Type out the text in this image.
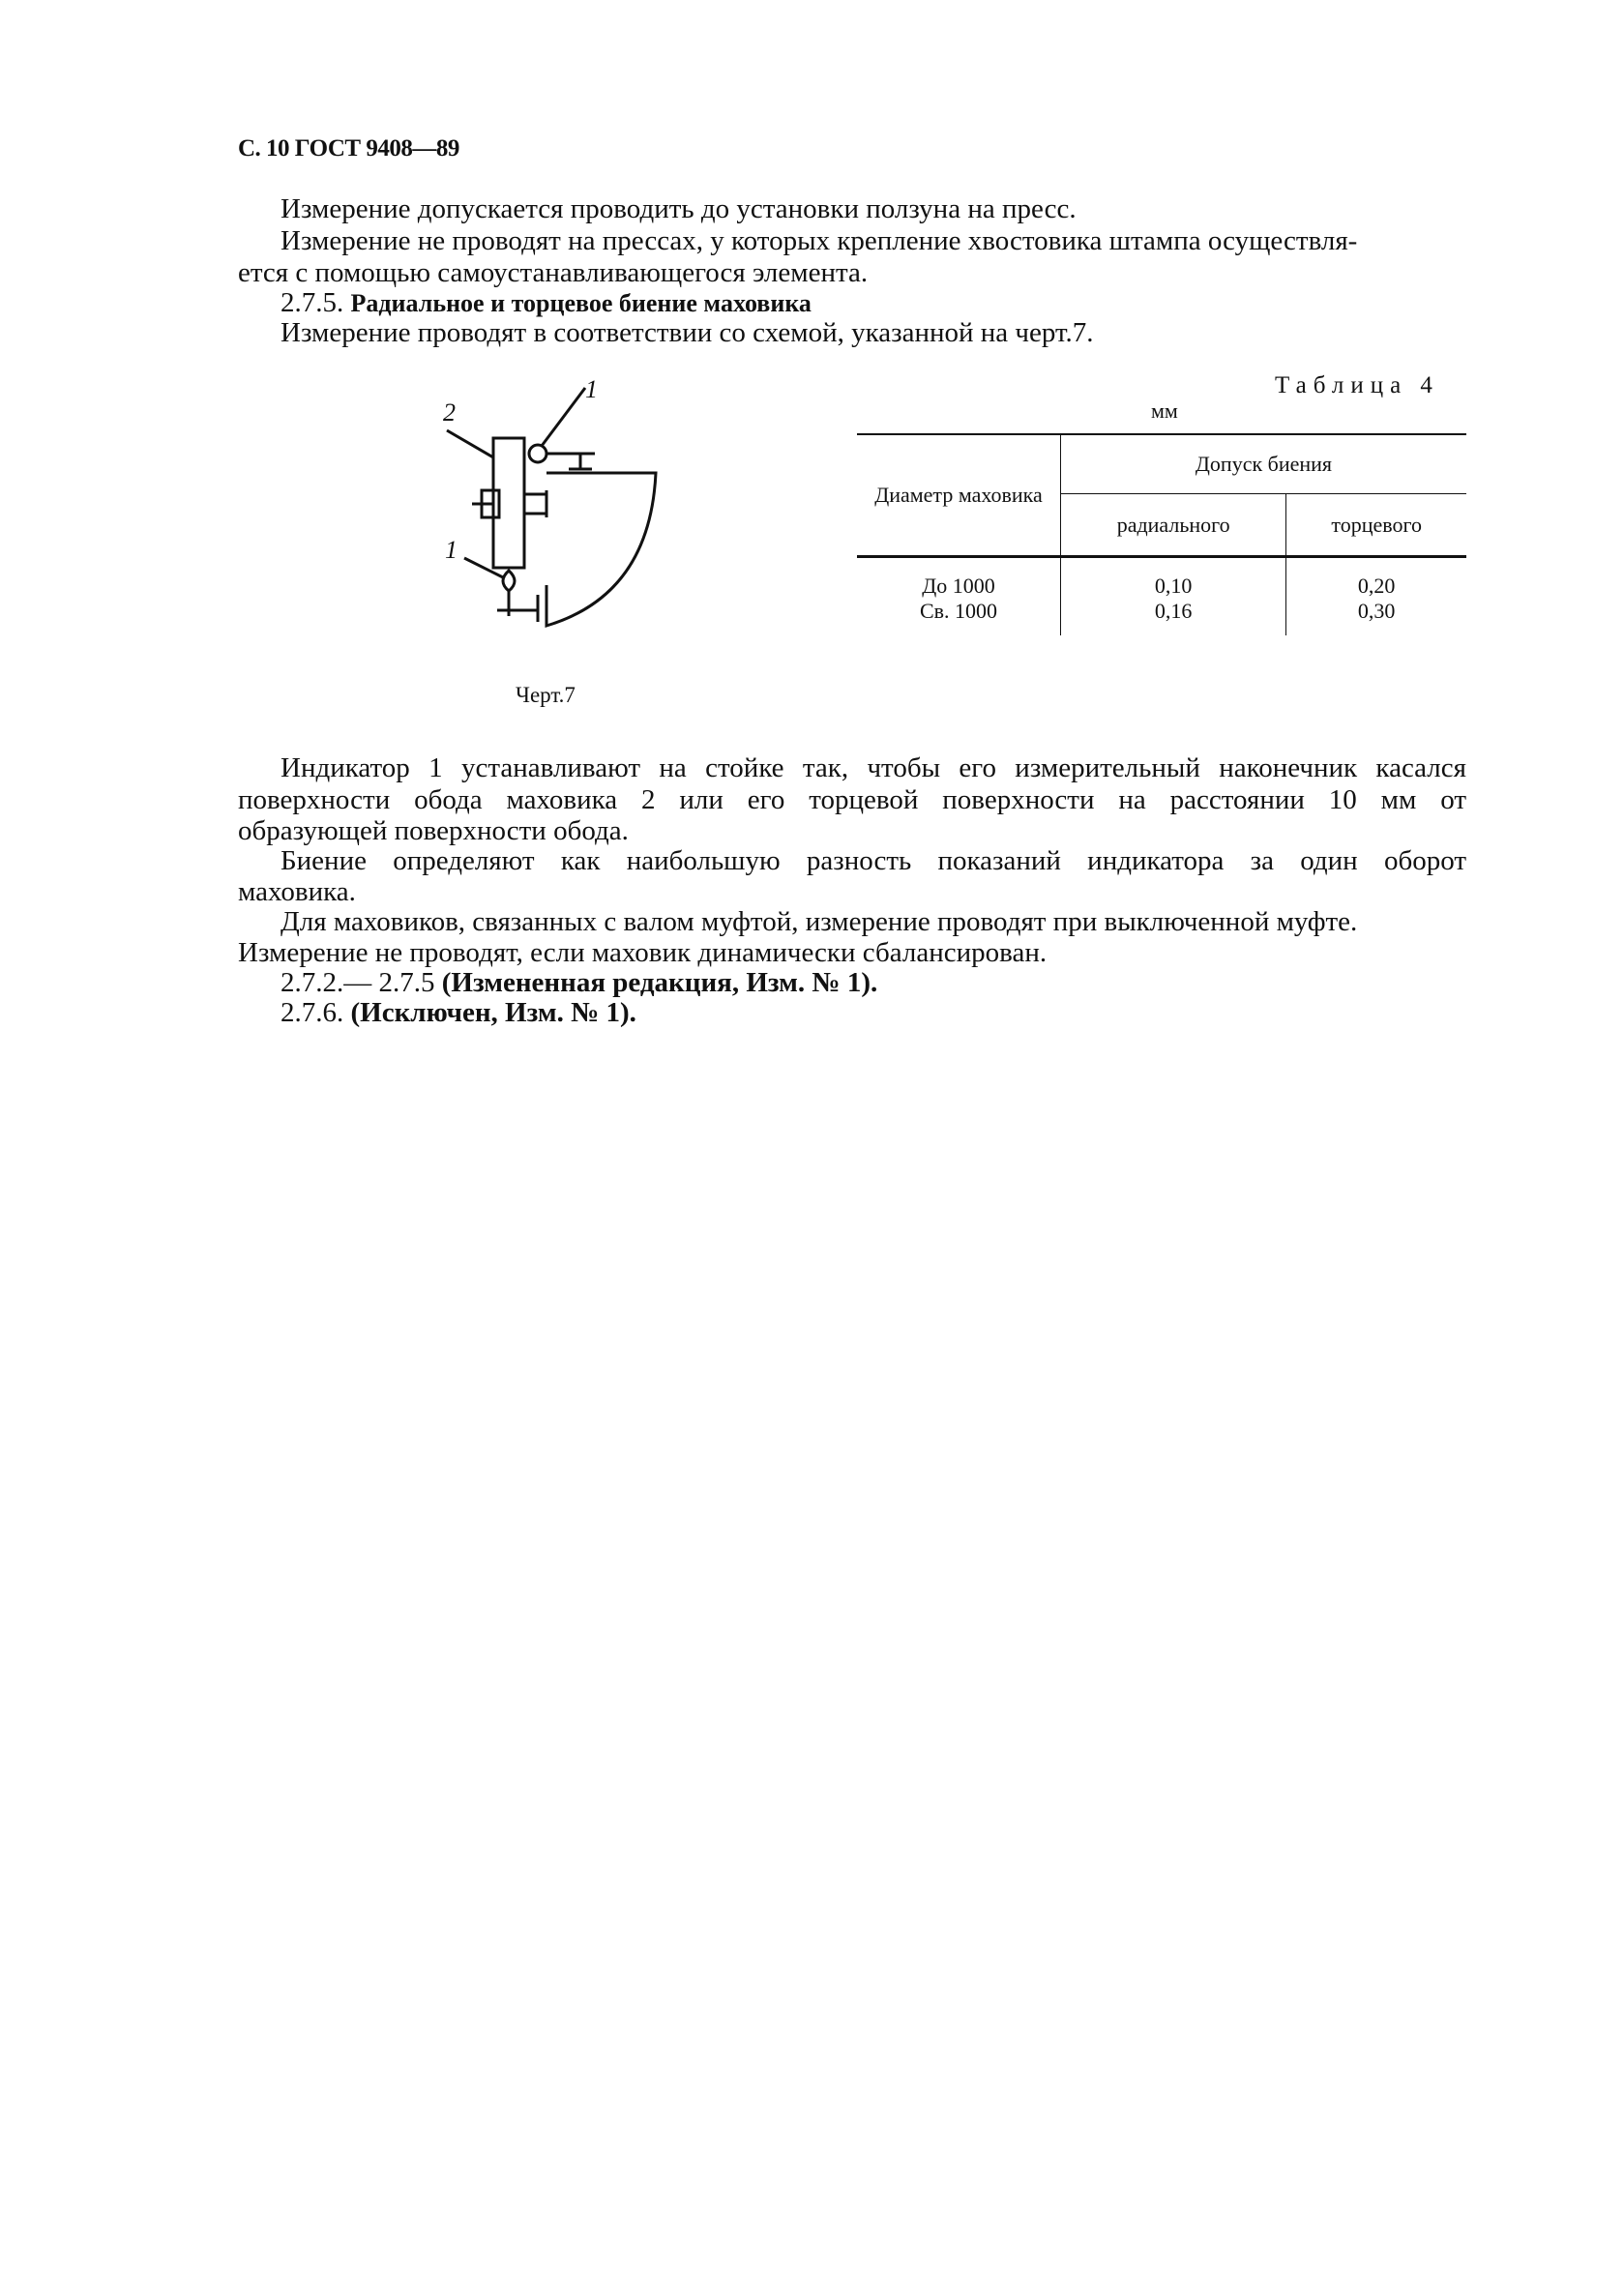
С. 10 ГОСТ 9408—89
Измерение допускается проводить до установки ползуна на пресс.
Измерение не проводят на прессах, у которых крепление хвостовика штампа осуществля-
ется с помощью самоустанавливающегося элемента.
2.7.5. Радиальное и торцевое биение маховика
Измерение проводят в соответствии со схемой, указанной на черт.7.
1
2
1
Черт.7
Таблица 4
мм
Диаметр маховика	Допуск биения	
	радиального	торцевого
До 1000	0,10	0,20
Св. 1000	0,16	0,30
Индикатор 1 устанавливают на стойке так, чтобы его измерительный наконечник касался
поверхности обода маховика 2 или его торцевой поверхности на расстоянии 10 мм от
образующей поверхности обода.
Биение определяют как наибольшую разность показаний индикатора за один оборот
маховика.
Для маховиков, связанных с валом муфтой, измерение проводят при выключенной муфте.
Измерение не проводят, если маховик динамически сбалансирован.
2.7.2.— 2.7.5 (Измененная редакция, Изм. № 1).
2.7.6. (Исключен, Изм. № 1).
